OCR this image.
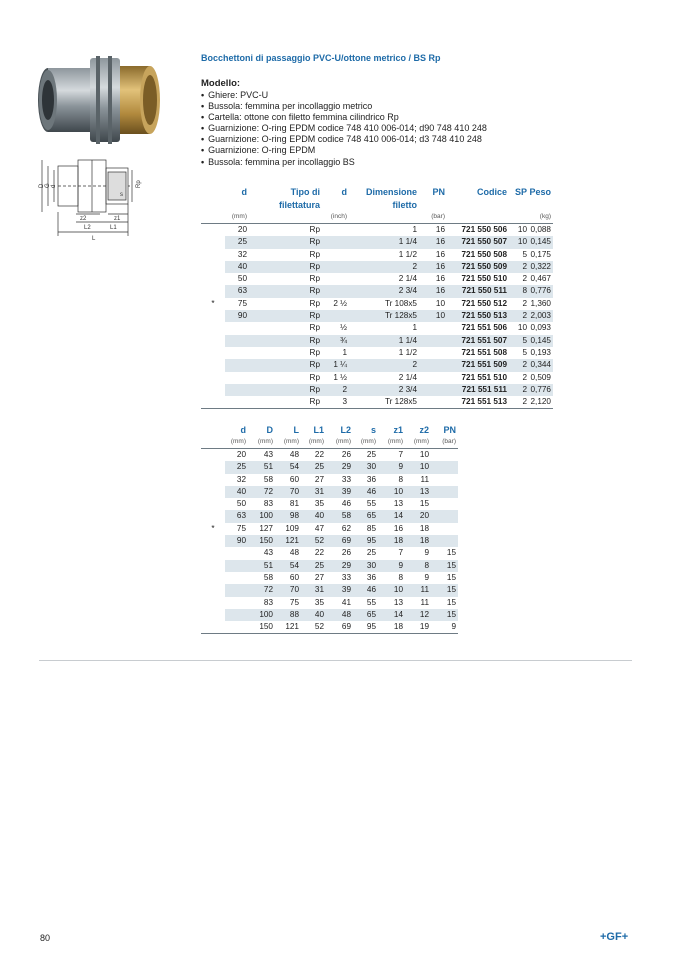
D G d
s
Rp
z2	z1
L2	L1
L
Bocchettoni di passaggio PVC-U/ottone metrico / BS Rp
Modello:
• Ghiere: PVC-U
• Bussola: femmina per incollaggio metrico
• Cartella: ottone con filetto femmina cilindrico Rp
• Guarnizione: O-ring EPDM codice 748 410 006-014; d90 748 410 248
• Guarnizione: O-ring EPDM codice 748 410 006-014; d3 748 410 248
• Guarnizione: O-ring EPDM
• Bussola: femmina per incollaggio BS
	d	Tipo di	d	Dimensione	PN	Codice	SP	Peso
		filettatura		filetto				
	(mm)		(inch)		(bar)			(kg)
	20	Rp		1	16	721 550 506	10	0,088
	25	Rp		1 1/4	16	721 550 507	10	0,145
	32	Rp		1 1/2	16	721 550 508	5	0,175
	40	Rp		2	16	721 550 509	2	0,322
	50	Rp		2 1/4	16	721 550 510	2	0,467
	63	Rp		2 3/4	16	721 550 511	8	0,776
*	75	Rp	2 ½	Tr 108x5	10	721 550 512	2	1,360
	90	Rp		Tr 128x5	10	721 550 513	2	2,003
		Rp	½	1		721 551 506	10	0,093
		Rp	¾	1 1/4		721 551 507	5	0,145
		Rp	1	1 1/2		721 551 508	5	0,193
		Rp	1 ¼	2		721 551 509	2	0,344
		Rp	1 ½	2 1/4		721 551 510	2	0,509
		Rp	2	2 3/4		721 551 511	2	0,776
		Rp	3	Tr 128x5		721 551 513	2	2,120
	d	D	L	L1	L2	s	z1	z2	PN
	(mm)	(mm)	(mm)	(mm)	(mm)	(mm)	(mm)	(mm)	(bar)
	20	43	48	22	26	25	7	10	
	25	51	54	25	29	30	9	10	
	32	58	60	27	33	36	8	11	
	40	72	70	31	39	46	10	13	
	50	83	81	35	46	55	13	15	
	63	100	98	40	58	65	14	20	
*	75	127	109	47	62	85	16	18	
	90	150	121	52	69	95	18	18	
		43	48	22	26	25	7	9	15
		51	54	25	29	30	9	8	15
		58	60	27	33	36	8	9	15
		72	70	31	39	46	10	11	15
		83	75	35	41	55	13	11	15
		100	88	40	48	65	14	12	15
		150	121	52	69	95	18	19	9
80	+GF+
